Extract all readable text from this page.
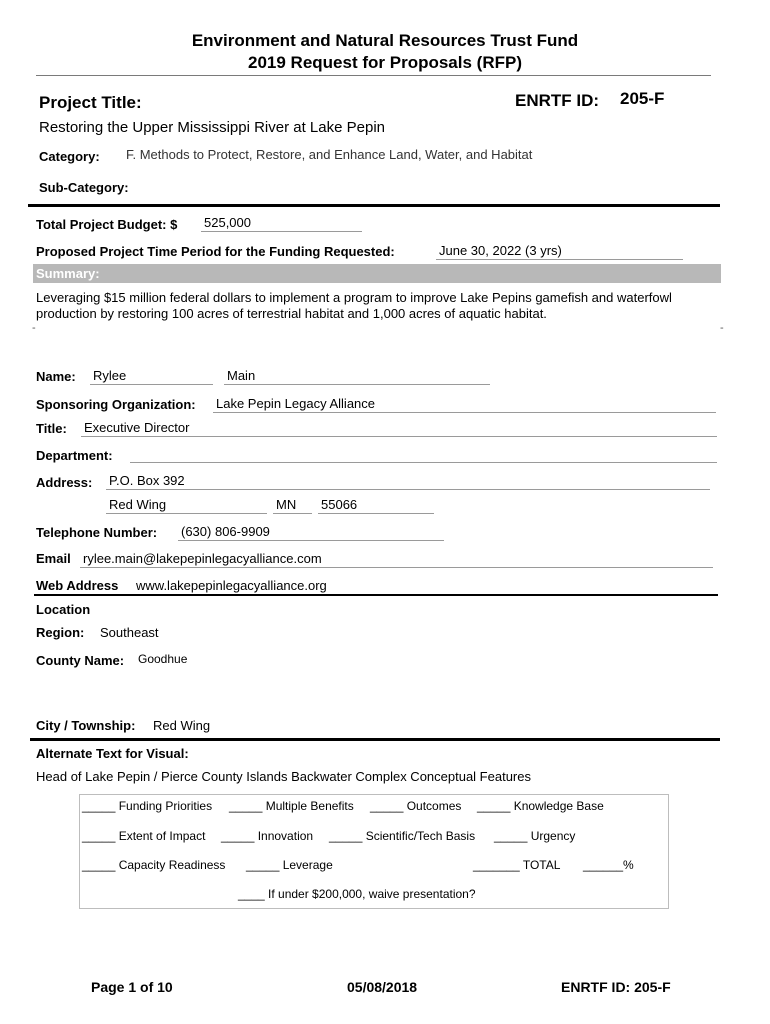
Environment and Natural Resources Trust Fund
2019 Request for Proposals (RFP)
Project Title:	ENRTF ID: 205-F
Restoring the Upper Mississippi River at Lake Pepin
Category: F. Methods to Protect, Restore, and Enhance Land, Water, and Habitat
Sub-Category:
Total Project Budget: $ 525,000
Proposed Project Time Period for the Funding Requested:	June 30, 2022 (3 yrs)
Summary:
Leveraging $15 million federal dollars to implement a program to improve Lake Pepins gamefish and waterfowl
production by restoring 100 acres of terrestrial habitat and 1,000 acres of aquatic habitat.
-	-
Name: Rylee	Main
Sponsoring Organization: Lake Pepin Legacy Alliance
Title: Executive Director
Department:
Address: P.O. Box 392
Red Wing	MN	55066
Telephone Number: (630) 806-9909
Email rylee.main@lakepepinlegacyalliance.com
Web Address www.lakepepinlegacyalliance.org
Location
Region: Southeast
County Name: Goodhue
City / Township: Red Wing
Alternate Text for Visual:
Head of Lake Pepin / Pierce County Islands Backwater Complex Conceptual Features
_____ Funding Priorities _____ Multiple Benefits _____ Outcomes _____ Knowledge Base
_____ Extent of Impact _____ Innovation _____ Scientific/Tech Basis _____ Urgency
_____ Capacity Readiness _____ Leverage	_______ TOTAL ______%
____ If under $200,000, waive presentation?
Page 1 of 10	05/08/2018	ENRTF ID: 205-F
